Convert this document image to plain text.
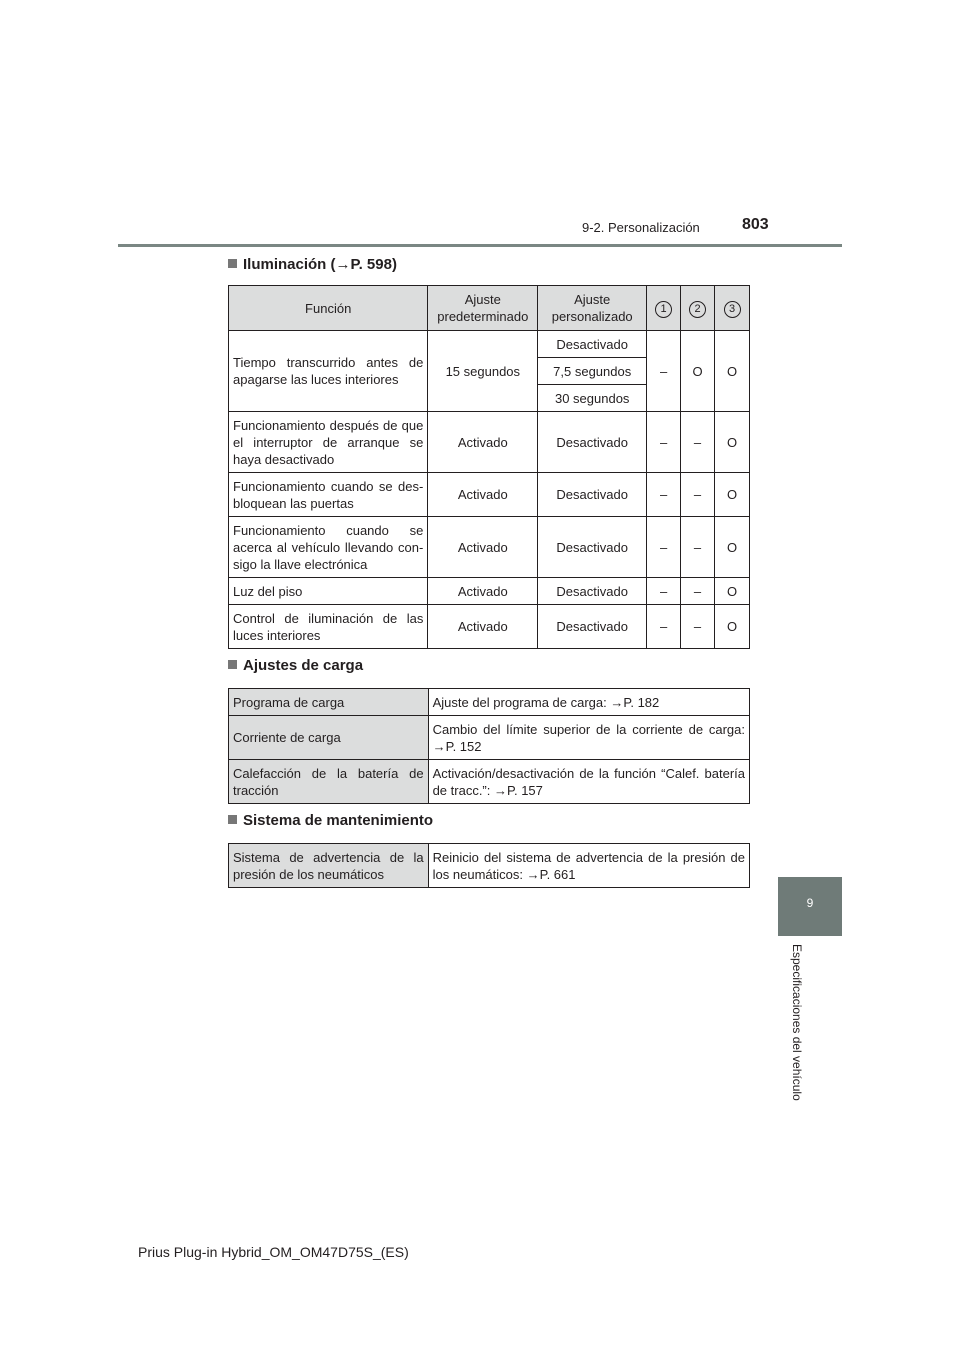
9-2. Personalización	803
9
Especificaciones del vehículo
Iluminación (→P. 598)
Función	Ajuste predeterminado	Ajuste personalizado	1	2	3
Tiempo transcurrido antes de apagarse las luces interiores	15 segundos	Desactivado	–	O	O
		7,5 segundos			
		30 segundos			
Funcionamiento después de que el interruptor de arranque se haya desactivado	Activado	Desactivado	–	–	O
Funcionamiento cuando se des-bloquean las puertas	Activado	Desactivado	–	–	O
Funcionamiento cuando se acerca al vehículo llevando con-sigo la llave electrónica	Activado	Desactivado	–	–	O
Luz del piso	Activado	Desactivado	–	–	O
Control de iluminación de las luces interiores	Activado	Desactivado	–	–	O
Ajustes de carga
Programa de carga	Ajuste del programa de carga: →P. 182
Corriente de carga	Cambio del límite superior de la corriente de carga: →P. 152
Calefacción de la batería de tracción	Activación/desactivación de la función “Calef. batería de tracc.”: →P. 157
Sistema de mantenimiento
Sistema de advertencia de la presión de los neumáticos	Reinicio del sistema de advertencia de la presión de los neumáticos: →P. 661
Prius Plug-in Hybrid_OM_OM47D75S_(ES)
